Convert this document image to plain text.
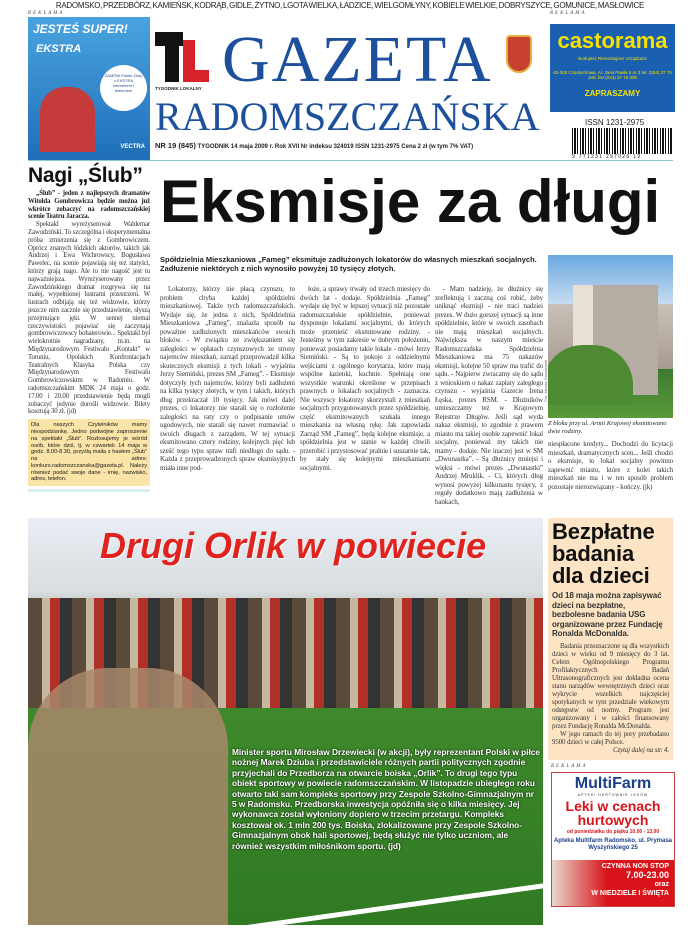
RADOMSKO, PRZEDBÓRZ, KAMIEŃSK, KODRĄB, GIDLE, ŻYTNO, LGOTA WIELKA, ŁADZICE, WIELGOMŁYNY, KOBIELE WIELKIE, DOBRYSZYCE, GOMUNICE, MASŁOWICE
REKLAMA	REKLAMA
JESTEŚ SUPER!
EKSTRA
ZAMÓW Pakiet Złoty z EKSTRA Internetem i telefonem
VECTRA
TYGODNIK LOKALNY GAZETA
RADOMSZCZAŃSKA
castorama
Budujesz Remontujesz Urządzasz
42-200 Częstochowa, Al. Jana Pawła II nr 3 tel. (034) 37 75 100, fax (034) 37 75 000
ZAPRASZAMY
ISSN 1231-2975
9 771231 297026 19
NR 19 (845) TYGODNIK 14 maja 2009 r. Rok XVII Nr indeksu 324019 ISSN 1231-2975 Cena 2 zł (w tym 7% VAT)
Nagi „Ślub”

„Ślub” - jeden z najlepszych dramatów Witolda Gombrowicza będzie można już wkrótce zobaczyć na radomszczańskiej scenie Teatru Jaracza.

Spektakl wyreżyserował Waldemar Zawodziński. To szczególna i eksperymentalna próba zmierzenia się z Gombrowiczem. Oprócz znanych łódzkich aktorów, takich jak Andrzej i Ewa Wichrowscy, Bogusława Pawelec, na scenie pojawiają się też statyści, którzy grają nago. Ale to nie nagość jest tu najważniejsza. Wyreżyserowany przez Zawodzińskiego dramat rozgrywa się na małej, wypełnionej lustrami przestrzeni. W lustrach odbijają się też widzowie, którzy jeszcze nim zacznie się przedstawienie, słyszą przejmujące jęki. W sennej niemal rzeczywistości pojawiać się zaczynają gombrowiczowscy bohaterowie... Spektakl był wielokrotnie nagradzany, m.in. na Międzynarodowym Festiwalu „Kontakt” w Toruniu, Opolskich Konfrontacjach Teatralnych Klasyka Polska czy Międzynarodowym Festiwalu Gombrowiczowskim w Radomiu. W radomszczańskim MDK 24 maja o godz. 17.00 i 20.00 przedstawienie będą mogli zobaczyć jedynie dorośli widzowie. Bilety kosztują 30 zł. (jd)

Dla naszych Czytelników mamy niespodziankę. Jedno podwójne zaproszenie na spektakl „Ślub”. Rozlosujemy je wśród osób, które dziś, tj. w czwartek 14 maja w godz. 8.00-8.30, przyślą maila z hasłem „Ślub” na adres: konkurs.radomszczanska@gazeta.pl. Należy również podać swoje dane - imię, nazwisko, adres, telefon.
Eksmisje za długi
Spółdzielnia Mieszkaniowa „Fameg” eksmituje zadłużonych lokatorów do własnych mieszkań socjalnych. Zadłużenie niektórych z nich wynosiło powyżej 10 tysięcy złotych.

Lokatorzy, którzy nie płacą czynszu, to problem chyba każdej spółdzielni mieszkaniowej. Także tych radomszczańskich. Wydaje się, że jedna z nich, Spółdzielnia Mieszkaniowa „Fameg”, znalazła sposób na poważnie zadłużonych mieszkańców swoich bloków. - W związku ze zwiększaniem się zaległości w opłatach czynszowych ze strony najemców mieszkań, zarząd przeprowadził kilka skutecznych eksmisji z tych lokali - wyjaśnia Jerzy Siemiński, prezes SM „Fameg”. - Eksmisje dotyczyły tych najemców, którzy byli zadłużeni na kilka tysięcy złotych, w tym i takich, których dług przekraczał 10 tysięcy. Jak mówi dalej prezes, ci lokatorzy nie starali się o rozłożenie zaległości na raty czy o podpisanie umów ugodowych, nie starali się nawet rozmawiać o swoich długach z zarządem. W tej sytuacji eksmitowano cztery rodziny, kolejnych pięć lub sześć tego typu spraw trafi niedługo do sądu. - Każda z przeprowadzonych spraw eksmisyjnych miała inne pod-

łoże, a sprawy trwały od trzech miesięcy do dwóch lat - dodaje. Spółdzielnia „Fameg” wydaje się być w lepszej sytuacji niż pozostałe radomszczańskie spółdzielnie, ponieważ dysponuje lokalami socjalnymi, do których może przenieść eksmitowane rodziny. - Jesteśmy w tym zakresie w dobrym położeniu, ponieważ posiadamy takie lokale - mówi Jerzy Siemiński. - Są to pokoje z oddzielnymi wejściami z ogólnego korytarza, które mają wspólne łazienki, kuchnie. Spełniają one wszystkie warunki określone w przepisach prawnych o lokalach socjalnych - zaznacza. Nie wszyscy lokatorzy skorzystali z mieszkań socjalnych przygotowanych przez spółdzielnię, część eksmitowanych szukała innego mieszkania na własną rękę. Jak zapowiada Zarząd SM „Fameg”, będą kolejne eksmisje, a spółdzielnia jest w stanie w każdej chwili przerobić i przystosować pralnie i suszarnie tak, by stały się kolejnymi mieszkaniami socjalnymi.

- Mam nadzieję, że dłużnicy się zreflektują i zaczną coś robić, żeby uniknąć eksmisji - nie traci nadziei prezes. W dużo gorszej sytuacji są inne spółdzielnie, które w swoich zasobach nie mają mieszkań socjalnych. Największa w naszym mieście Radomszczańska Spółdzielnia Mieszkaniowa ma 75 nakazów eksmisji, kolejne 50 spraw ma trafić do sądu. - Najpierw zwracamy się do sądu z wnioskiem o nakaz zapłaty zaległego czynszu - wyjaśnia Gazecie Irena Łęska, prezes RSM. - Dłużników umieszczamy też w Krajowym Rejestrze Długów. Jeśli sąd wyda nakaz eksmisji, to zgodnie z prawem miasto ma takiej osobie zapewnić lokal socjalny, ponieważ my takich nie mamy - dodaje. Nie inaczej jest w SM „Dwunastka”. - Są dłużnicy mniejsi i więksi - mówi prezes „Dwunastki” Andrzej Mruklik. - Ci, których dług wynosi powyżej kilkunastu tysięcy, z reguły dodatkowo mają zadłużenia w bankach,

Fot. Janusz Kaczmarek
Z bloku przy ul. Armii Krajowej eksmitowano dwie rodziny.

niespłacone kredyty... Dochodzi do licytacji mieszkań, dramatycznych scen... Jeśli chodzi o eksmisje, to lokal socjalny powinno zapewnić miasto, które z kolei takich mieszkań nie ma i w ten sposób problem pozostaje nierozwiązany - kończy. (jk)

Drugi Orlik w powiecie
Minister sportu Mirosław Drzewiecki (w akcji), były reprezentant Polski w piłce nożnej Marek Dziuba i przedstawiciele różnych partii politycznych zgodnie przyjechali do Przedborza na otwarcie boiska „Orlik”. To drugi tego typu obiekt sportowy w powiecie radomszczańskim. W listopadzie ubiegłego roku otwarto taki sam kompleks sportowy przy Zespole Szkolno-Gimnazjalnym nr 5 w Radomsku. Przedborska inwestycja opóźniła się o kilka miesięcy. Jej wykonawca został wyłoniony dopiero w trzecim przetargu. Kompleks kosztował ok. 1 mln 200 tys. Boiska, zlokalizowane przy Zespole Szkolno-Gimnazjalnym obok hali sportowej, będą służyć nie tylko uczniom, ale również wszystkim miłośnikom sportu. (jd)
Bezpłatne badania dla dzieci
Od 18 maja można zapisywać dzieci na bezpłatne, bezbolesne badania USG organizowane przez Fundację Ronalda McDonalda.

Badania przeznaczone są dla wszystkich dzieci w wieku od 9 miesięcy do 3 lat. Celem Ogólnopolskiego Programu Profilaktycznych Badań Ultrasonograficznych jest dokładna ocena stanu narządów wewnętrznych dzieci oraz wykrycie wszelkich najczęściej spotykanych w tym przedziale wiekowym odstępstw od normy. Program jest organizowany i w całości finansowany przez Fundację Ronalda McDonalda.

W jego ramach do tej pory przebadano 9500 dzieci w całej Polsce.

Czytaj dalej na str. 4.
REKLAMA
MultiFarm
APTEKI HURTOWNIE LEKÓW
Leki w cenach hurtowych
od poniedziałku do piątku 10.00 - 13.00
Apteka Multifarm Radomsko, ul. Prymasa Wyszyńskiego 25
CZYNNA NON STOP
7.00-23.00
oraz
W NIEDZIELE I ŚWIĘTA
